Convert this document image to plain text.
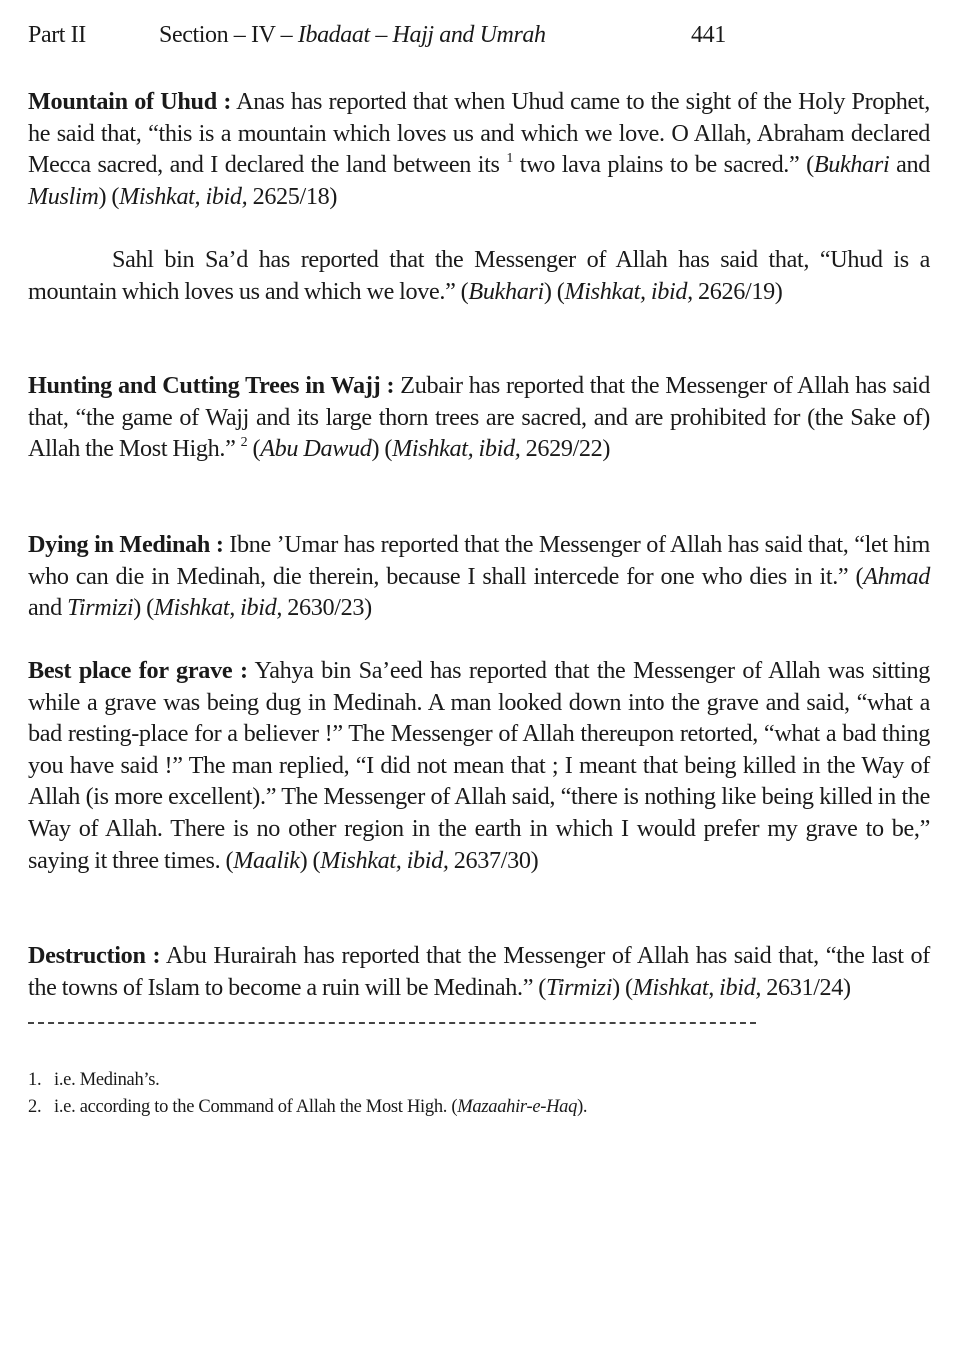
Part II	Section – IV – Ibadaat – Hajj and Umrah	441

Mountain of Uhud : Anas has reported that when Uhud came to the sight of the Holy Prophet, he said that, “this is a mountain which loves us and which we love. O Allah, Abraham declared Mecca sacred, and I declared the land between its $^1$ two lava plains to be sacred.” (Bukhari and Muslim) (Mishkat, ibid, 2625/18)

Sahl bin Sa’d has reported that the Messenger of Allah has said that, “Uhud is a mountain which loves us and which we love.” (Bukhari) (Mishkat, ibid, 2626/19)

Hunting and Cutting Trees in Wajj : Zubair has reported that the Messenger of Allah has said that, “the game of Wajj and its large thorn trees are sacred, and are prohibited for (the Sake of) Allah the Most High.” $^2$ (Abu Dawud) (Mishkat, ibid, 2629/22)

Dying in Medinah : Ibne ’Umar has reported that the Messenger of Allah has said that, “let him who can die in Medinah, die therein, because I shall intercede for one who dies in it.” (Ahmad and Tirmizi) (Mishkat, ibid, 2630/23)

Best place for grave : Yahya bin Sa’eed has reported that the Messenger of Allah was sitting while a grave was being dug in Medinah. A man looked down into the grave and said, “what a bad resting-place for a believer !” The Messenger of Allah thereupon retorted, “what a bad thing you have said !” The man replied, “I did not mean that ; I meant that being killed in the Way of Allah (is more excellent).” The Messenger of Allah said, “there is nothing like being killed in the Way of Allah. There is no other region in the earth in which I would prefer my grave to be,” saying it three times. (Maalik) (Mishkat, ibid, 2637/30)

Destruction : Abu Hurairah has reported that the Messenger of Allah has said that, “the last of the towns of Islam to become a ruin will be Medinah.” (Tirmizi) (Mishkat, ibid, 2631/24)

1. i.e. Medinah’s.
2. i.e. according to the Command of Allah the Most High. (Mazaahir-e-Haq).
